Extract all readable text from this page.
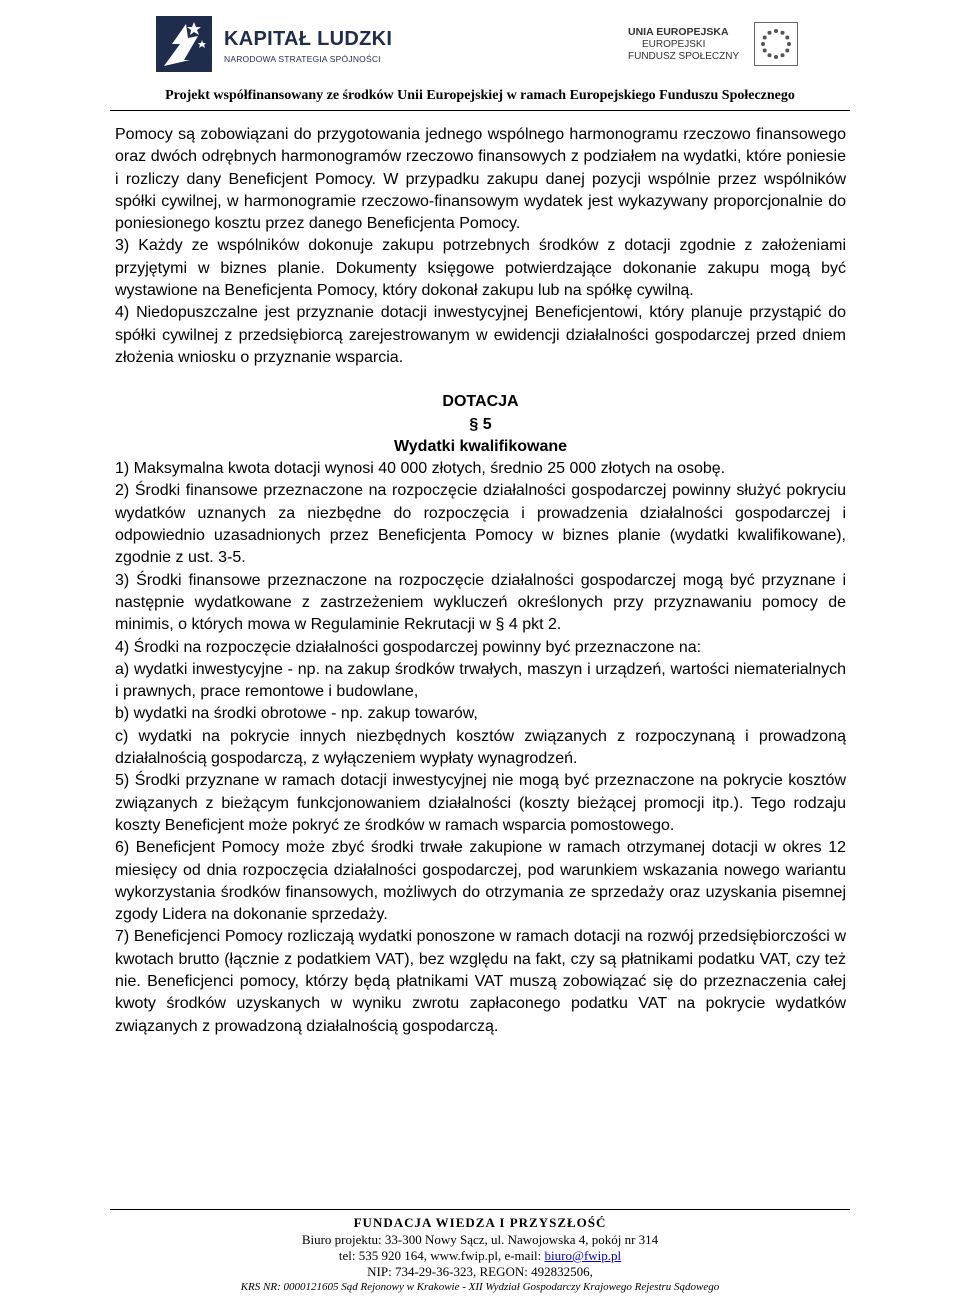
KAPITAŁ LUDZKI
NARODOWA STRATEGIA SPÓJNOŚCI
UNIA EUROPEJSKA
EUROPEJSKI
FUNDUSZ SPOŁECZNY
Projekt współfinansowany ze środków Unii Europejskiej w ramach Europejskiego Funduszu Społecznego

Pomocy są zobowiązani do przygotowania jednego wspólnego harmonogramu rzeczowo finansowego oraz dwóch odrębnych harmonogramów rzeczowo finansowych z podziałem na wydatki, które poniesie i rozliczy dany Beneficjent Pomocy. W przypadku zakupu danej pozycji wspólnie przez wspólników spółki cywilnej, w harmonogramie rzeczowo-finansowym wydatek jest wykazywany proporcjonalnie do poniesionego kosztu przez danego Beneficjenta Pomocy.

3) Każdy ze wspólników dokonuje zakupu potrzebnych środków z dotacji zgodnie z założeniami przyjętymi w biznes planie. Dokumenty księgowe potwierdzające dokonanie zakupu mogą być wystawione na Beneficjenta Pomocy, który dokonał zakupu lub na spółkę cywilną.

4) Niedopuszczalne jest przyznanie dotacji inwestycyjnej Beneficjentowi, który planuje przystąpić do spółki cywilnej z przedsiębiorcą zarejestrowanym w ewidencji działalności gospodarczej przed dniem złożenia wniosku o przyznanie wsparcia.

DOTACJA

§ 5

Wydatki kwalifikowane

1) Maksymalna kwota dotacji wynosi 40 000 złotych, średnio 25 000 złotych na osobę.

2) Środki finansowe przeznaczone na rozpoczęcie działalności gospodarczej powinny służyć pokryciu wydatków uznanych za niezbędne do rozpoczęcia i prowadzenia działalności gospodarczej i odpowiednio uzasadnionych przez Beneficjenta Pomocy w biznes planie (wydatki kwalifikowane), zgodnie z ust. 3-5.

3) Środki finansowe przeznaczone na rozpoczęcie działalności gospodarczej mogą być przyznane i następnie wydatkowane z zastrzeżeniem wykluczeń określonych przy przyznawaniu pomocy de minimis, o których mowa w Regulaminie Rekrutacji w § 4 pkt 2.

4) Środki na rozpoczęcie działalności gospodarczej powinny być przeznaczone na:

a) wydatki inwestycyjne - np. na zakup środków trwałych, maszyn i urządzeń, wartości niematerialnych i prawnych, prace remontowe i budowlane,

b) wydatki na środki obrotowe - np. zakup towarów,

c) wydatki na pokrycie innych niezbędnych kosztów związanych z rozpoczynaną i prowadzoną działalnością gospodarczą, z wyłączeniem wypłaty wynagrodzeń.

5) Środki przyznane w ramach dotacji inwestycyjnej nie mogą być przeznaczone na pokrycie kosztów związanych z bieżącym funkcjonowaniem działalności (koszty bieżącej promocji itp.). Tego rodzaju koszty Beneficjent może pokryć ze środków w ramach wsparcia pomostowego.

6) Beneficjent Pomocy może zbyć środki trwałe zakupione w ramach otrzymanej dotacji w okres 12 miesięcy od dnia rozpoczęcia działalności gospodarczej, pod warunkiem wskazania nowego wariantu wykorzystania środków finansowych, możliwych do otrzymania ze sprzedaży oraz uzyskania pisemnej zgody Lidera na dokonanie sprzedaży.

7) Beneficjenci Pomocy rozliczają wydatki ponoszone w ramach dotacji na rozwój przedsiębiorczości w kwotach brutto (łącznie z podatkiem VAT), bez względu na fakt, czy są płatnikami podatku VAT, czy też nie. Beneficjenci pomocy, którzy będą płatnikami VAT muszą zobowiązać się do przeznaczenia całej kwoty środków uzyskanych w wyniku zwrotu zapłaconego podatku VAT na pokrycie wydatków związanych z prowadzoną działalnością gospodarczą.

FUNDACJA WIEDZA I PRZYSZŁOŚĆ
Biuro projektu: 33-300 Nowy Sącz, ul. Nawojowska 4, pokój nr 314
tel: 535 920 164, www.fwip.pl, e-mail: biuro@fwip.pl
NIP: 734-29-36-323, REGON: 492832506,
KRS NR: 0000121605 Sąd Rejonowy w Krakowie - XII Wydział Gospodarczy Krajowego Rejestru Sądowego
